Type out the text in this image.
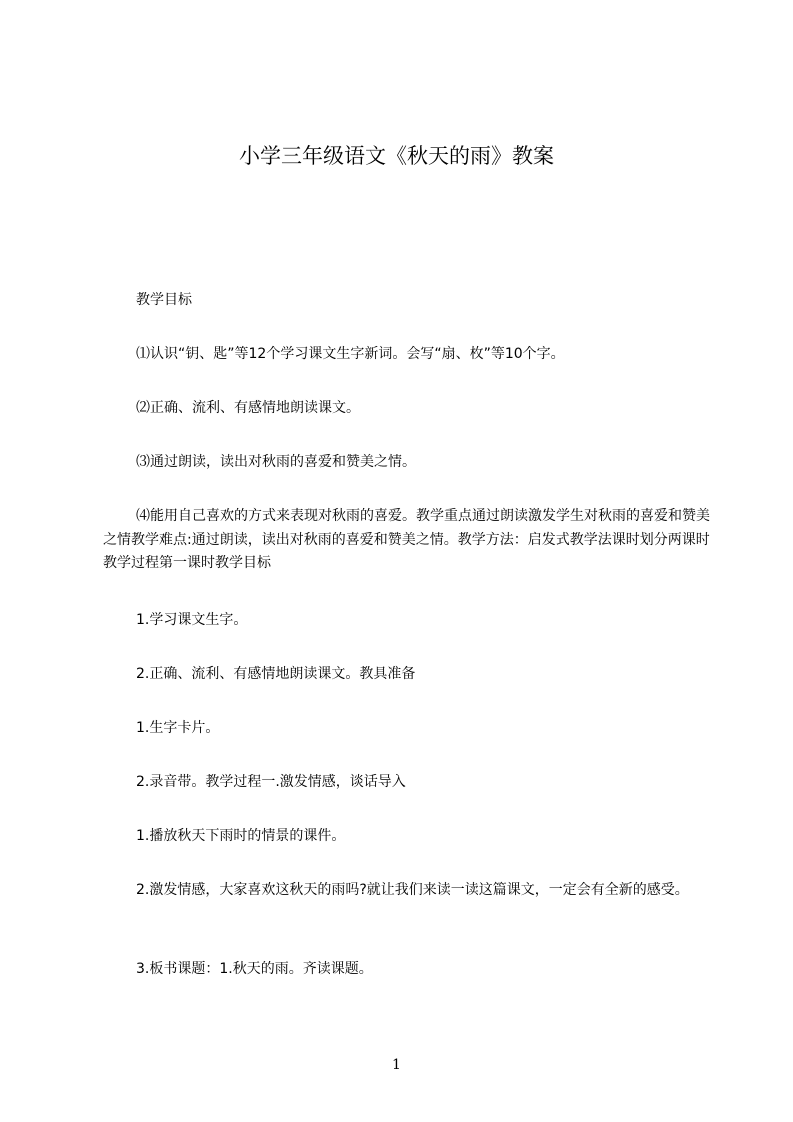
小学三年级语文《秋天的雨》教案

教学目标

⑴认识“钥、匙”等12个学习课文生字新词。会写“扇、枚”等10个字。

⑵正确、流利、有感情地朗读课文。

⑶通过朗读，读出对秋雨的喜爱和赞美之情。

⑷能用自己喜欢的方式来表现对秋雨的喜爱。教学重点通过朗读激发学生对秋雨的喜爱和赞美之情教学难点:通过朗读，读出对秋雨的喜爱和赞美之情。教学方法：启发式教学法课时划分两课时教学过程第一课时教学目标

1.学习课文生字。

2.正确、流利、有感情地朗读课文。教具准备

1.生字卡片。

2.录音带。教学过程一.激发情感，谈话导入

1.播放秋天下雨时的情景的课件。

2.激发情感，大家喜欢这秋天的雨吗?就让我们来读一读这篇课文，一定会有全新的感受。

3.板书课题：1.秋天的雨。齐读课题。

1
